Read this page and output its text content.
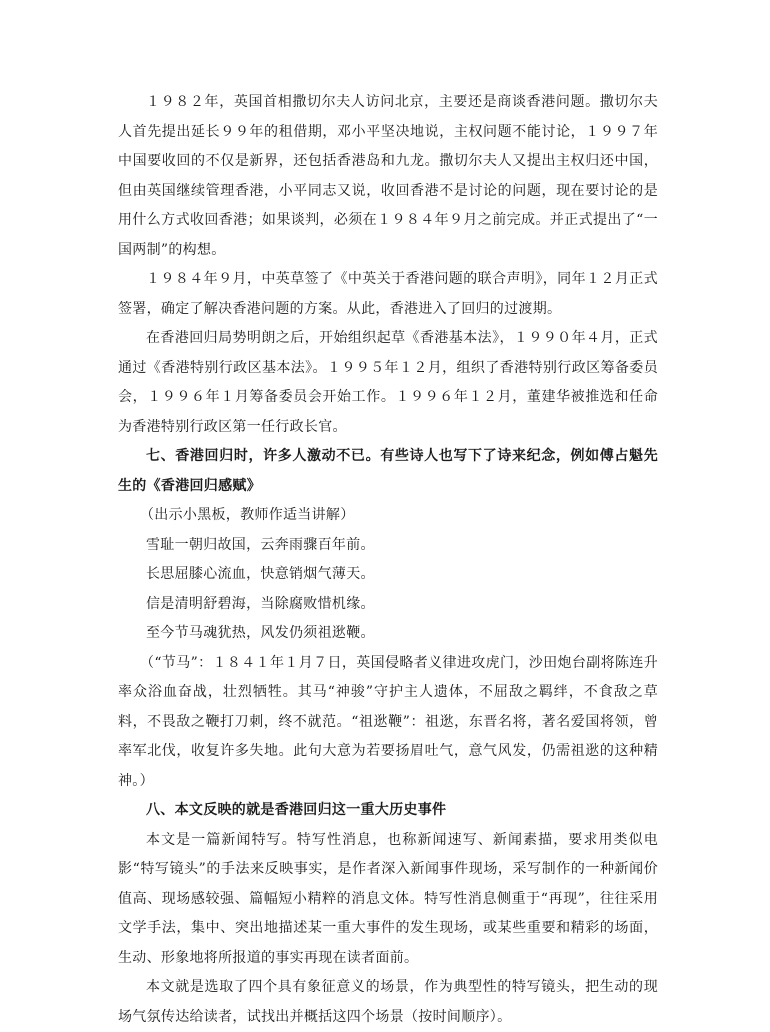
１９８２年，英国首相撒切尔夫人访问北京，主要还是商谈香港问题。撒切尔夫人首先提出延长９９年的租借期，邓小平坚决地说，主权问题不能讨论，１９９７年中国要收回的不仅是新界，还包括香港岛和九龙。撒切尔夫人又提出主权归还中国，但由英国继续管理香港，小平同志又说，收回香港不是讨论的问题，现在要讨论的是用什么方式收回香港；如果谈判，必须在１９８４年９月之前完成。并正式提出了“一国两制”的构想。

１９８４年９月，中英草签了《中英关于香港问题的联合声明》，同年１２月正式签署，确定了解决香港问题的方案。从此，香港进入了回归的过渡期。

在香港回归局势明朗之后，开始组织起草《香港基本法》，１９９０年４月，正式通过《香港特别行政区基本法》。１９９５年１２月，组织了香港特别行政区筹备委员会，１９９６年１月筹备委员会开始工作。１９９６年１２月，董建华被推选和任命为香港特别行政区第一任行政长官。

七、香港回归时，许多人激动不已。有些诗人也写下了诗来纪念，例如傅占魁先生的《香港回归感赋》

（出示小黑板，教师作适当讲解）

雪耻一朝归故国，云奔雨骤百年前。

长思屈膝心流血，快意销烟气薄天。

信是清明舒碧海，当除腐败惜机缘。

至今节马魂犹热，风发仍须祖逖鞭。

（“节马”：１８４１年１月７日，英国侵略者义律进攻虎门，沙田炮台副将陈连升率众浴血奋战，壮烈牺牲。其马“神骏”守护主人遗体，不屈敌之羁绊，不食敌之草料，不畏敌之鞭打刀刺，终不就范。“祖逖鞭”：祖逖，东晋名将，著名爱国将领，曾率军北伐，收复许多失地。此句大意为若要扬眉吐气，意气风发，仍需祖逖的这种精神。）

八、本文反映的就是香港回归这一重大历史事件

本文是一篇新闻特写。特写性消息，也称新闻速写、新闻素描，要求用类似电影“特写镜头”的手法来反映事实，是作者深入新闻事件现场，采写制作的一种新闻价值高、现场感较强、篇幅短小精粹的消息文体。特写性消息侧重于“再现”，往往采用文学手法，集中、突出地描述某一重大事件的发生现场，或某些重要和精彩的场面，生动、形象地将所报道的事实再现在读者面前。

本文就是选取了四个具有象征意义的场景，作为典型性的特写镜头，把生动的现场气氛传达给读者，试找出并概括这四个场景（按时间顺序）。
